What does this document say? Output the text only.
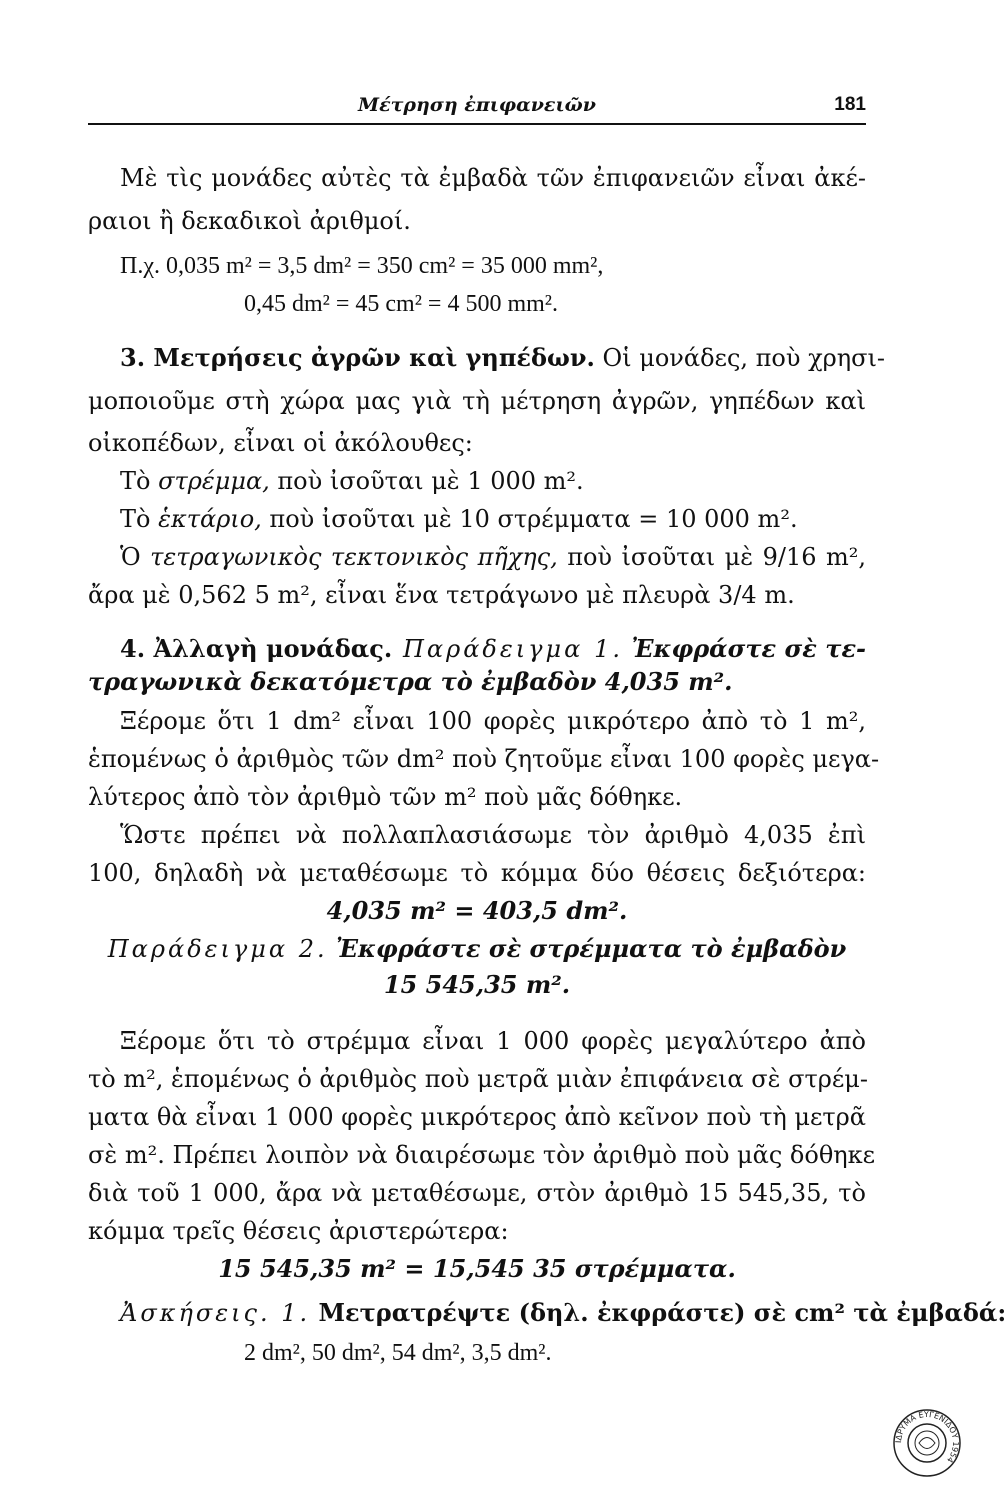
Μέτρηση ἐπιφανειῶν	181
Μὲ τὶς μονάδες αὐτὲς τὰ ἐμβαδὰ τῶν ἐπιφανειῶν εἶναι ἀκέ-
ραιοι ἢ δεκαδικοὶ ἀριθμοί.
Π.χ. 0,035 m² = 3,5 dm² = 350 cm² = 35 000 mm²,
0,45 dm² = 45 cm² = 4 500 mm².
3. Μετρήσεις ἀγρῶν καὶ γηπέδων. Οἱ μονάδες, ποὺ χρησι-
μοποιοῦμε στὴ χώρα μας γιὰ τὴ μέτρηση ἀγρῶν, γηπέδων καὶ
οἰκοπέδων, εἶναι οἱ ἀκόλουθες:
Τὸ στρέμμα, ποὺ ἰσοῦται μὲ 1 000 m².
Τὸ ἑκτάριο, ποὺ ἰσοῦται μὲ 10 στρέμματα = 10 000 m².
Ὁ τετραγωνικὸς τεκτονικὸς πῆχης, ποὺ ἰσοῦται μὲ 9/16 m²,
ἄρα μὲ 0,562 5 m², εἶναι ἕνα τετράγωνο μὲ πλευρὰ 3/4 m.
4. Ἀλλαγὴ μονάδας. Παράδειγμα 1. Ἐκφράστε σὲ τε-
τραγωνικὰ δεκατόμετρα τὸ ἐμβαδὸν 4,035 m².
Ξέρομε ὅτι 1 dm² εἶναι 100 φορὲς μικρότερο ἀπὸ τὸ 1 m²,
ἑπομένως ὁ ἀριθμὸς τῶν dm² ποὺ ζητοῦμε εἶναι 100 φορὲς μεγα-
λύτερος ἀπὸ τὸν ἀριθμὸ τῶν m² ποὺ μᾶς δόθηκε.
Ὥστε πρέπει νὰ πολλαπλασιάσωμε τὸν ἀριθμὸ 4,035 ἐπὶ
100, δηλαδὴ νὰ μεταθέσωμε τὸ κόμμα δύο θέσεις δεξιότερα:
4,035 m² = 403,5 dm².
Παράδειγμα 2. Ἐκφράστε σὲ στρέμματα τὸ ἐμβαδὸν
15 545,35 m².
Ξέρομε ὅτι τὸ στρέμμα εἶναι 1 000 φορὲς μεγαλύτερο ἀπὸ
τὸ m², ἑπομένως ὁ ἀριθμὸς ποὺ μετρᾶ μιὰν ἐπιφάνεια σὲ στρέμ-
ματα θὰ εἶναι 1 000 φορὲς μικρότερος ἀπὸ κεῖνον ποὺ τὴ μετρᾶ
σὲ m². Πρέπει λοιπὸν νὰ διαιρέσωμε τὸν ἀριθμὸ ποὺ μᾶς δόθηκε
διὰ τοῦ 1 000, ἄρα νὰ μεταθέσωμε, στὸν ἀριθμὸ 15 545,35, τὸ
κόμμα τρεῖς θέσεις ἀριστερώτερα:
15 545,35 m² = 15,545 35 στρέμματα.
Ἀσκήσεις. 1. Μετρατρέψτε (δηλ. ἐκφράστε) σὲ cm² τὰ ἐμβαδά:
2 dm², 50 dm², 54 dm², 3,5 dm².
ΙΔΡΥΜΑ ΕΥΓΕΝΙΔΟΥ 1954
